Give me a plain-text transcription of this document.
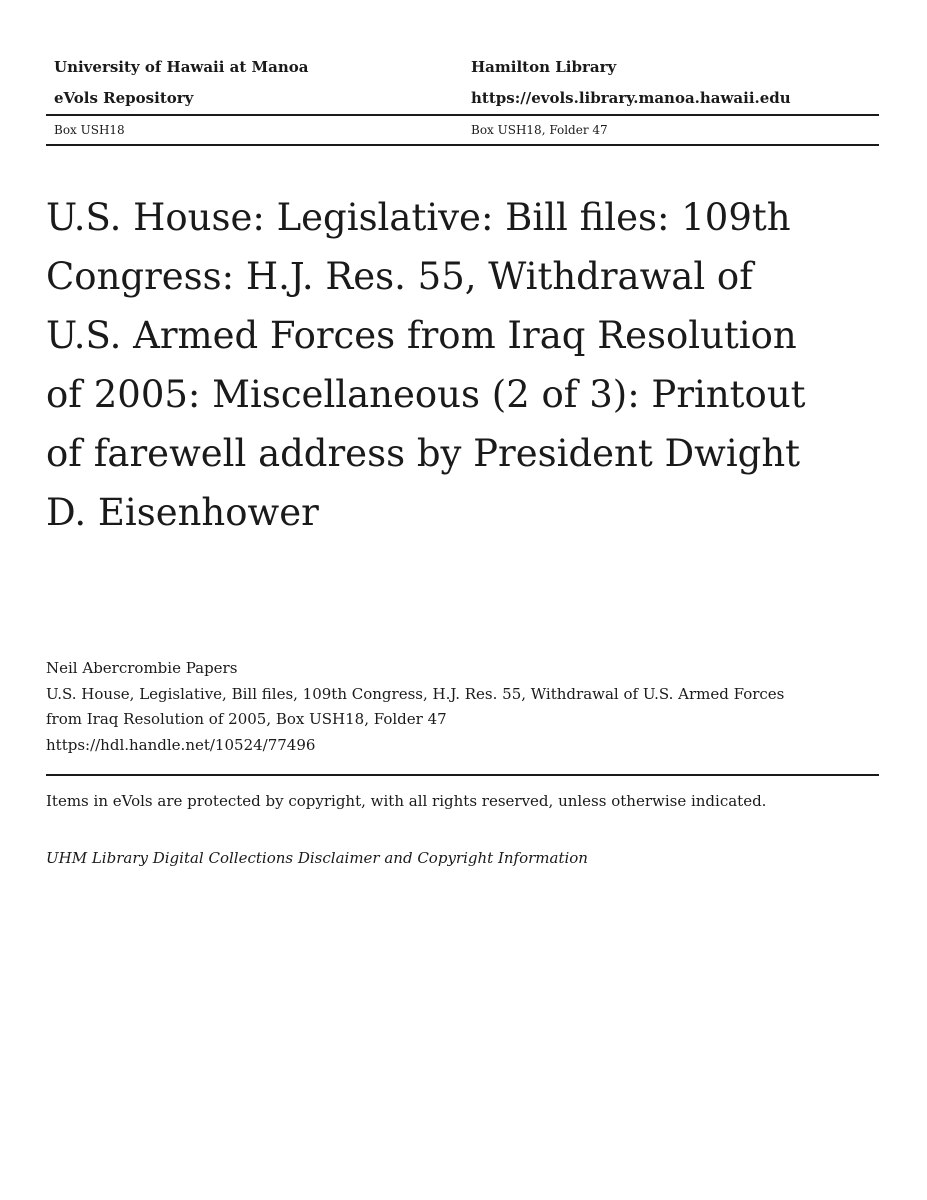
University of Hawaii at Manoa	Hamilton Library
eVols Repository	https://evols.library.manoa.hawaii.edu
Box USH18	Box USH18, Folder 47
U.S. House: Legislative: Bill files: 109th Congress: H.J. Res. 55, Withdrawal of U.S. Armed Forces from Iraq Resolution of 2005: Miscellaneous (2 of 3): Printout of farewell address by President Dwight D. Eisenhower
Neil Abercrombie Papers
U.S. House, Legislative, Bill files, 109th Congress, H.J. Res. 55, Withdrawal of U.S. Armed Forces from Iraq Resolution of 2005, Box USH18, Folder 47
https://hdl.handle.net/10524/77496
Items in eVols are protected by copyright, with all rights reserved, unless otherwise indicated.
UHM Library Digital Collections Disclaimer and Copyright Information
